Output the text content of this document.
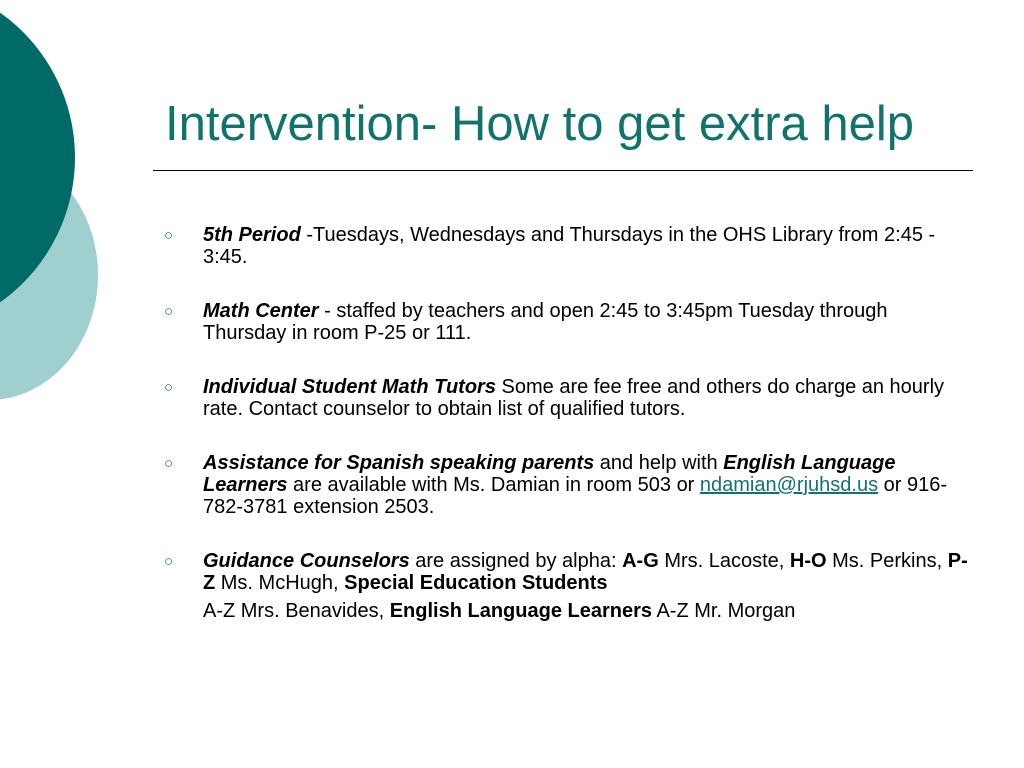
Intervention- How to get extra help
○ 5th Period -Tuesdays, Wednesdays and Thursdays in the OHS Library from 2:45 - 3:45.
○ Math Center - staffed by teachers and open 2:45 to 3:45pm Tuesday through Thursday in room P-25 or 111.
○ Individual Student Math Tutors Some are fee free and others do charge an hourly rate. Contact counselor to obtain list of qualified tutors.
○ Assistance for Spanish speaking parents and help with English Language Learners are available with Ms. Damian in room 503 or ndamian@rjuhsd.us or 916-782-3781 extension 2503.
○ Guidance Counselors are assigned by alpha: A-G Mrs. Lacoste, H-O Ms. Perkins, P-Z Ms. McHugh, Special Education Students
A-Z Mrs. Benavides, English Language Learners A-Z Mr. Morgan
